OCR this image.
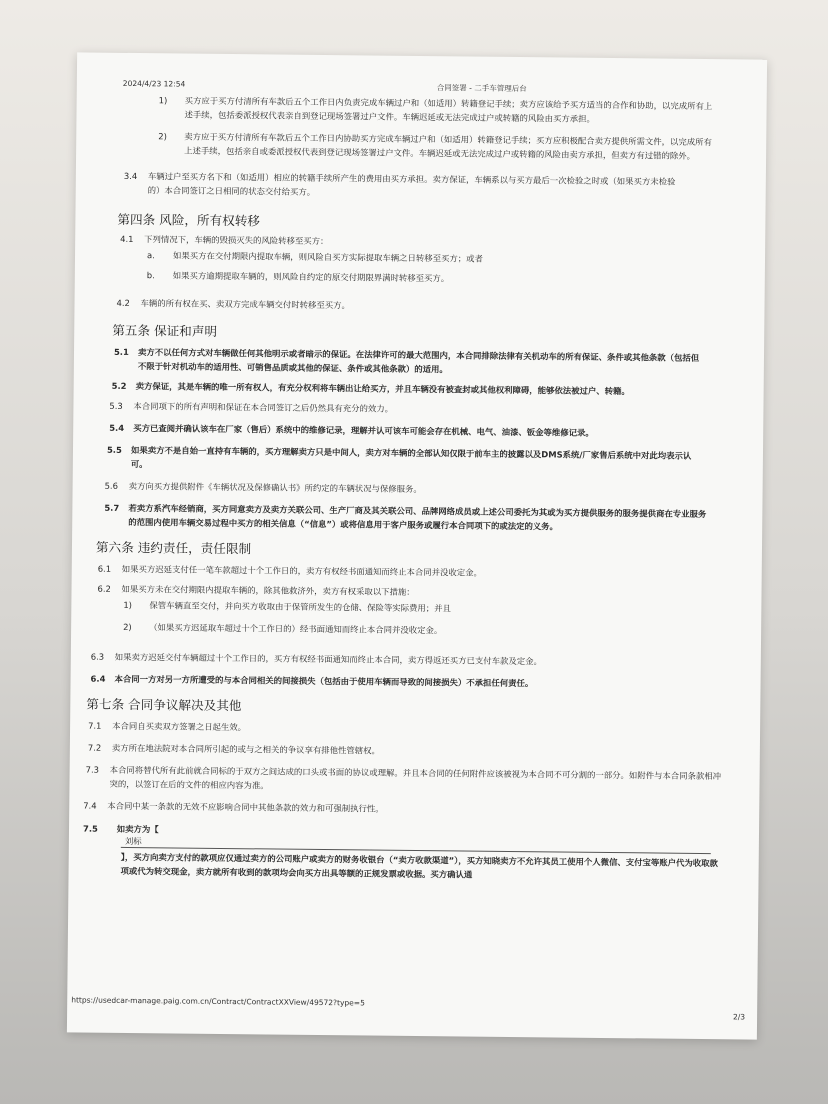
2024/4/23 12:54	合同签署 - 二手车管理后台
1) 买方应于买方付清所有车款后五个工作日内负责完成车辆过户和（如适用）转籍登记手续；卖方应该给予买方适当的合作和协助，以完成所有上述手续，包括委派授权代表亲自到登记现场签署过户文件。车辆迟延或无法完成过户或转籍的风险由买方承担。
2) 卖方应于买方付清所有车款后五个工作日内协助买方完成车辆过户和（如适用）转籍登记手续；买方应积极配合卖方提供所需文件，以完成所有上述手续，包括亲自或委派授权代表到登记现场签署过户文件。车辆迟延或无法完成过户或转籍的风险由卖方承担，但卖方有过错的除外。
3.4 车辆过户至买方名下和（如适用）相应的转籍手续所产生的费用由买方承担。卖方保证，车辆系以与买方最后一次检验之时或（如果买方未检验的）本合同签订之日相同的状态交付给买方。
第四条 风险，所有权转移
4.1 下列情况下，车辆的毁损灭失的风险转移至买方：
a. 如果买方在交付期限内提取车辆，则风险自买方实际提取车辆之日转移至买方；或者
b. 如果买方逾期提取车辆的，则风险自约定的原交付期限界满时转移至买方。
4.2 车辆的所有权在买、卖双方完成车辆交付时转移至买方。
第五条 保证和声明
5.1 卖方不以任何方式对车辆做任何其他明示或者暗示的保证。在法律许可的最大范围内，本合同排除法律有关机动车的所有保证、条件或其他条款（包括但不限于针对机动车的适用性、可销售品质或其他的保证、条件或其他条款）的适用。
5.2 卖方保证，其是车辆的唯一所有权人，有充分权利将车辆出让给买方，并且车辆没有被查封或其他权利障碍，能够依法被过户、转籍。
5.3 本合同项下的所有声明和保证在本合同签订之后仍然具有充分的效力。
5.4 买方已查阅并确认该车在厂家（售后）系统中的维修记录，理解并认可该车可能会存在机械、电气、油漆、钣金等维修记录。
5.5 如果卖方不是自始一直持有车辆的，买方理解卖方只是中间人，卖方对车辆的全部认知仅限于前车主的披露以及DMS系统/厂家售后系统中对此均表示认可。
5.6 卖方向买方提供附件《车辆状况及保修确认书》所约定的车辆状况与保修服务。
5.7 若卖方系汽车经销商，买方同意卖方及卖方关联公司、生产厂商及其关联公司、品牌网络成员或上述公司委托为其或为买方提供服务的服务提供商在专业服务的范围内使用车辆交易过程中买方的相关信息（“信息”）或将信息用于客户服务或履行本合同项下的或法定的义务。
第六条 违约责任，责任限制
6.1 如果买方迟延支付任一笔车款超过十个工作日的，卖方有权经书面通知而终止本合同并没收定金。
6.2 如果买方未在交付期限内提取车辆的，除其他救济外，卖方有权采取以下措施：
1) 保管车辆直至交付，并向买方收取由于保管所发生的仓储、保险等实际费用；并且
2) （如果买方迟延取车超过十个工作日的）经书面通知而终止本合同并没收定金。
6.3 如果卖方迟延交付车辆超过十个工作日的，买方有权经书面通知而终止本合同，卖方得返还买方已支付车款及定金。
6.4 本合同一方对另一方所遭受的与本合同相关的间接损失（包括由于使用车辆而导致的间接损失）不承担任何责任。
第七条 合同争议解决及其他
7.1 本合同自买卖双方签署之日起生效。
7.2 卖方所在地法院对本合同所引起的或与之相关的争议享有排他性管辖权。
7.3 本合同将替代所有此前就合同标的于双方之间达成的口头或书面的协议或理解。并且本合同的任何附件应该被视为本合同不可分割的一部分。如附件与本合同条款相冲突的，以签订在后的文件的相应内容为准。
7.4 本合同中某一条款的无效不应影响合同中其他条款的效力和可强制执行性。
7.5 如卖方为【
刘标
】，买方向卖方支付的款项应仅通过卖方的公司账户或卖方的财务收银台（“卖方收款渠道”），买方知晓卖方不允许其员工使用个人微信、支付宝等账户代为收取款项或代为转交现金，卖方就所有收到的款项均会向买方出具等额的正规发票或收据。买方确认通
https://usedcar-manage.paig.com.cn/Contract/ContractXXView/49572?type=5
2/3
